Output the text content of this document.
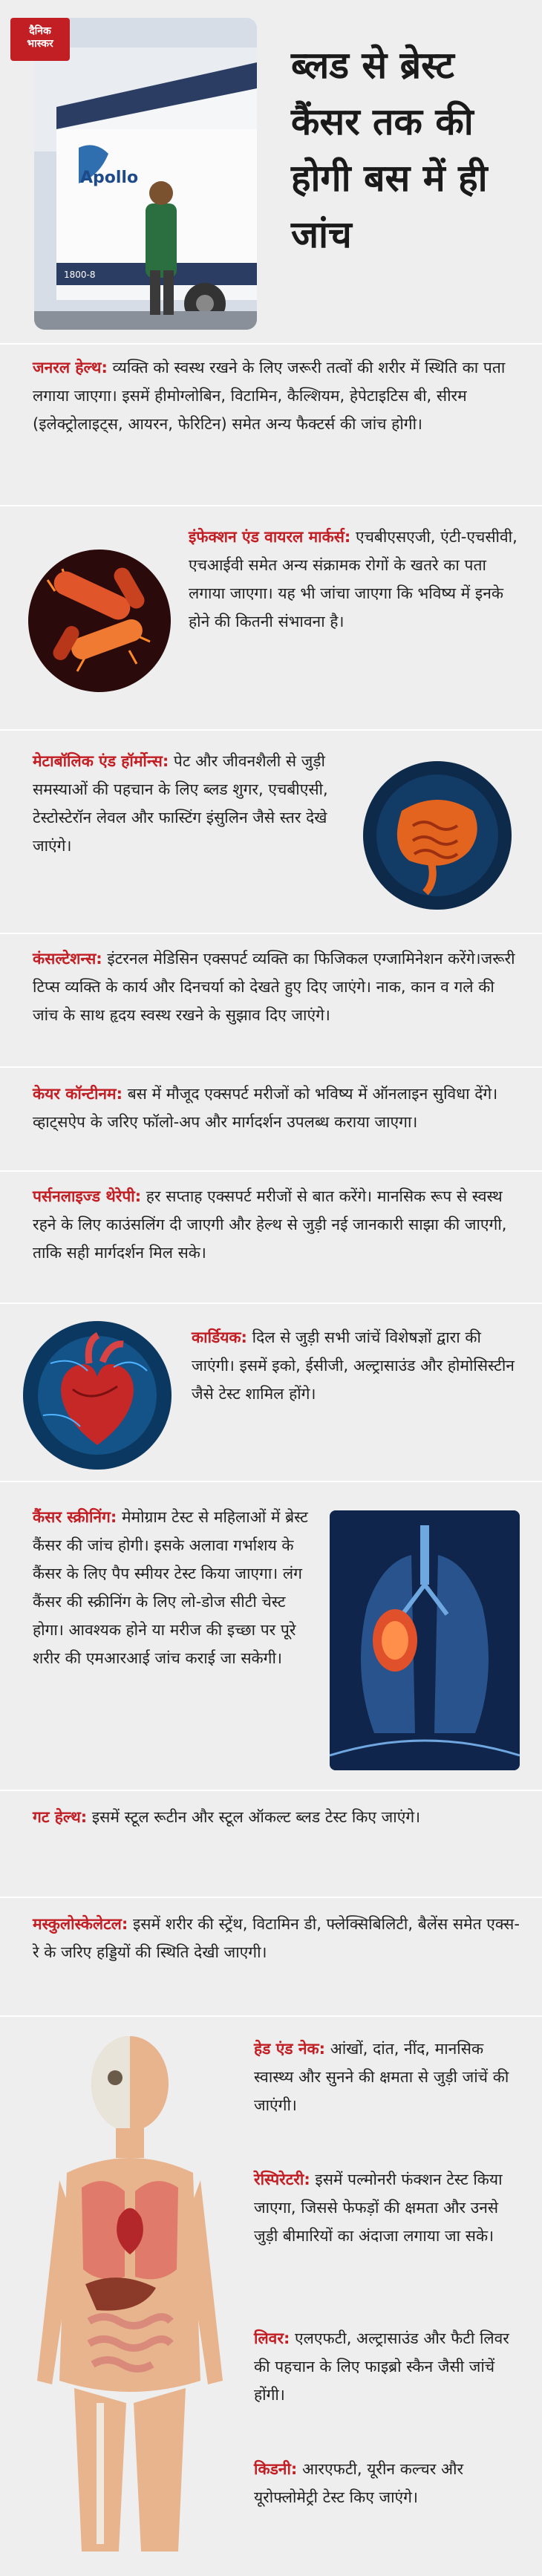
Apollo
1800-8
दैनिक भास्कर	ब्लड से ब्रेस्ट कैंसर तक की होगी बस में ही जांच
जनरल हेल्थ: व्यक्ति को स्वस्थ रखने के लिए जरूरी तत्वों की शरीर में स्थिति का पता लगाया जाएगा। इसमें हीमोग्लोबिन, विटामिन, कैल्शियम, हेपेटाइटिस बी, सीरम (इलेक्ट्रोलाइट्स, आयरन, फेरिटिन) समेत अन्य फैक्टर्स की जांच होगी।
इंफेक्शन एंड वायरल मार्कर्स: एचबीएसएजी, एंटी-एचसीवी, एचआईवी समेत अन्य संक्रामक रोगों के खतरे का पता लगाया जाएगा। यह भी जांचा जाएगा कि भविष्य में इनके होने की कितनी संभावना है।
मेटाबॉलिक एंड हॉर्मोन्स: पेट और जीवनशैली से जुड़ी समस्याओं की पहचान के लिए ब्लड शुगर, एचबीएसी, टेस्टोस्टेरॉन लेवल और फास्टिंग इंसुलिन जैसे स्तर देखे जाएंगे।
कंसल्टेशन्स: इंटरनल मेडिसिन एक्सपर्ट व्यक्ति का फिजिकल एग्जामिनेशन करेंगे।जरूरी टिप्स व्यक्ति के कार्य और दिनचर्या को देखते हुए दिए जाएंगे। नाक, कान व गले की जांच के साथ हृदय स्वस्थ रखने के सुझाव दिए जाएंगे।
केयर कॉन्टीनम: बस में मौजूद एक्सपर्ट मरीजों को भविष्य में ऑनलाइन सुविधा देंगे। व्हाट्सऐप के जरिए फॉलो-अप और मार्गदर्शन उपलब्ध कराया जाएगा।
पर्सनलाइज्ड थेरेपी: हर सप्ताह एक्सपर्ट मरीजों से बात करेंगे। मानसिक रूप से स्वस्थ रहने के लिए काउंसलिंग दी जाएगी और हेल्थ से जुड़ी नई जानकारी साझा की जाएगी, ताकि सही मार्गदर्शन मिल सके।
कार्डियक: दिल से जुड़ी सभी जांचें विशेषज्ञों द्वारा की जाएंगी। इसमें इको, ईसीजी, अल्ट्रासाउंड और होमोसिस्टीन जैसे टेस्ट शामिल होंगे।
कैंसर स्क्रीनिंग: मेमोग्राम टेस्ट से महिलाओं में ब्रेस्ट कैंसर की जांच होगी। इसके अलावा गर्भाशय के कैंसर के लिए पैप स्मीयर टेस्ट किया जाएगा। लंग कैंसर की स्क्रीनिंग के लिए लो-डोज सीटी चेस्ट होगा। आवश्यक होने या मरीज की इच्छा पर पूरे शरीर की एमआरआई जांच कराई जा सकेगी।
गट हेल्थ: इसमें स्टूल रूटीन और स्टूल ऑकल्ट ब्लड टेस्ट किए जाएंगे।
मस्कुलोस्केलेटल: इसमें शरीर की स्ट्रेंथ, विटामिन डी, फ्लेक्सिबिलिटी, बैलेंस समेत एक्स-रे के जरिए हड्डियों की स्थिति देखी जाएगी।
हेड एंड नेक: आंखों, दांत, नींद, मानसिक स्वास्थ्य और सुनने की क्षमता से जुड़ी जांचें की जाएंगी।
रेस्पिरेटरी: इसमें पल्मोनरी फंक्शन टेस्ट किया जाएगा, जिससे फेफड़ों की क्षमता और उनसे जुड़ी बीमारियों का अंदाजा लगाया जा सके।
लिवर: एलएफटी, अल्ट्रासाउंड और फैटी लिवर की पहचान के लिए फाइब्रो स्कैन जैसी जांचें होंगी।
किडनी: आरएफटी, यूरीन कल्चर और यूरोफ्लोमेट्री टेस्ट किए जाएंगे।
